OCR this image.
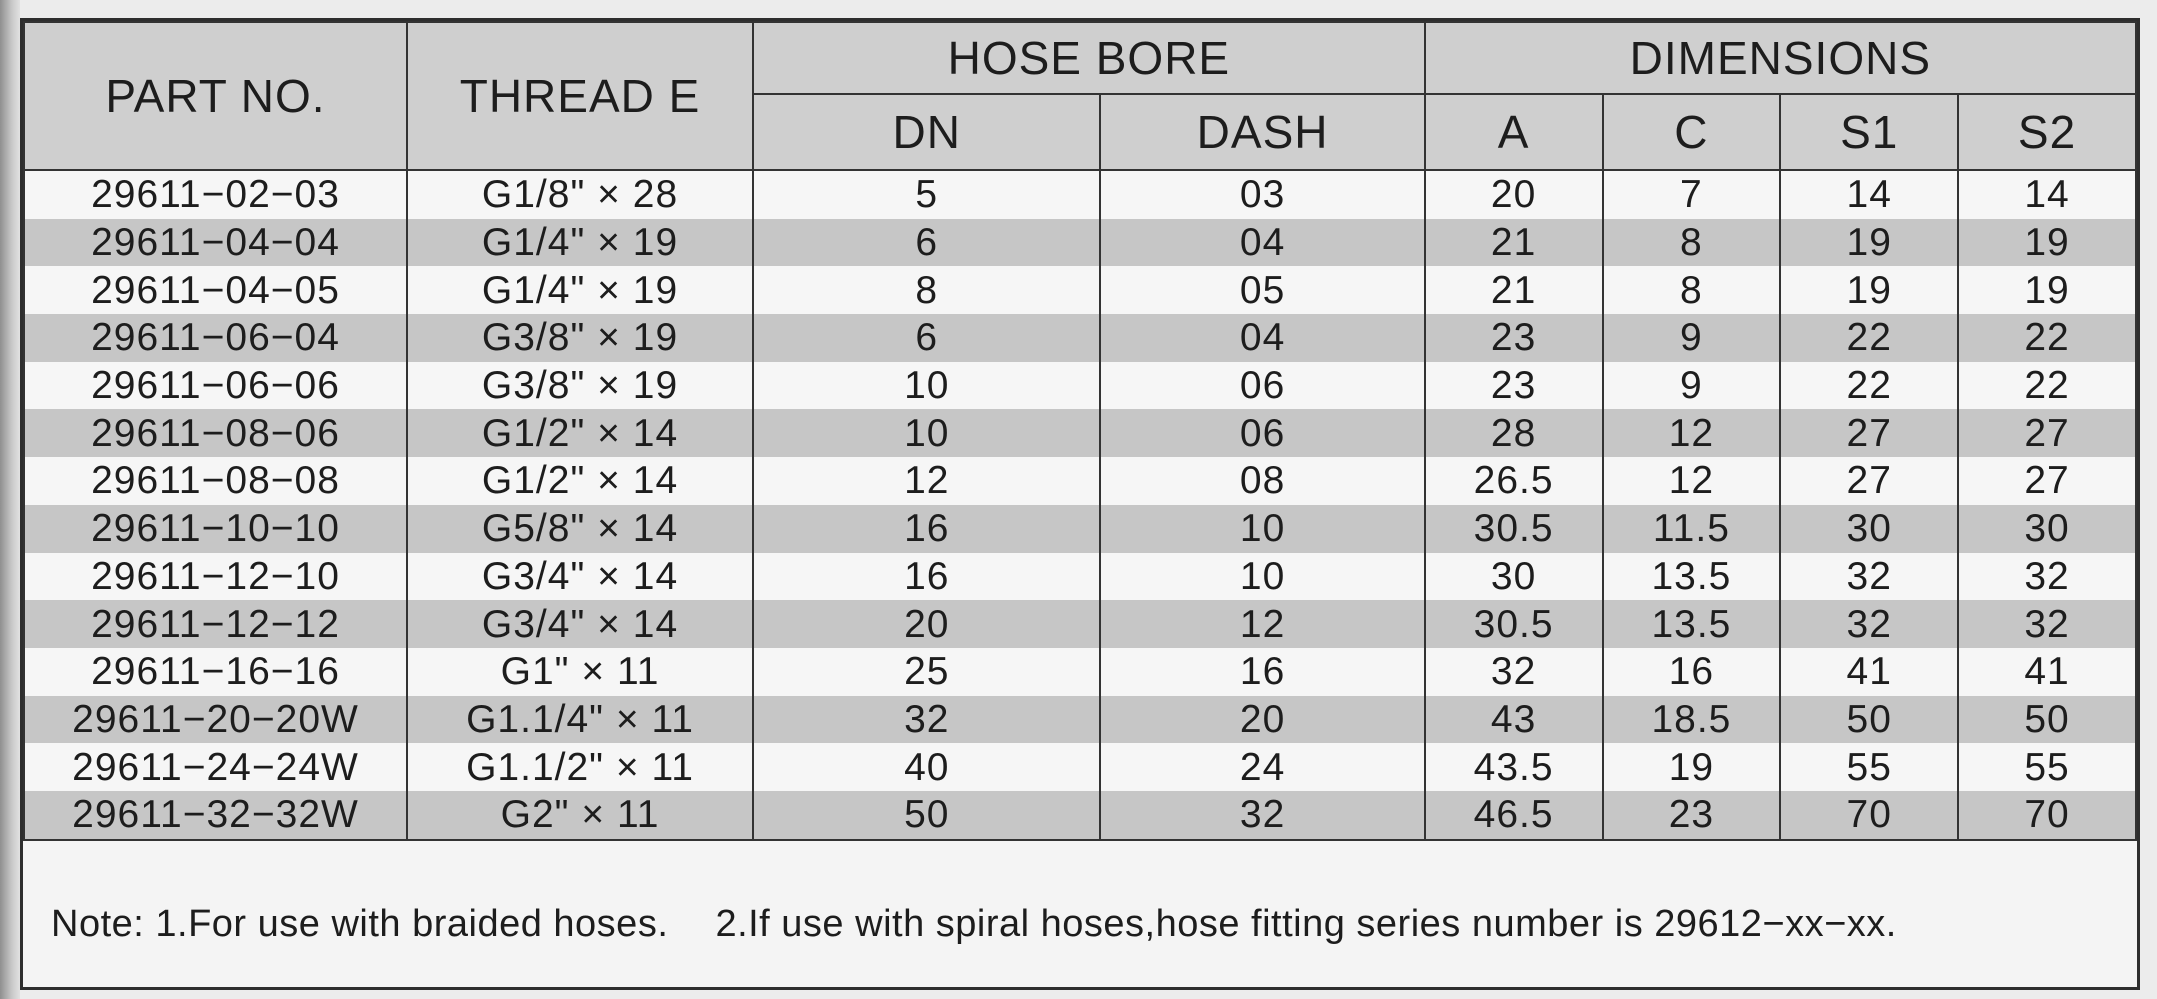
PART NO.	THREAD E	HOSE BORE		DIMENSIONS			
		DN	DASH	A	C	S1	S2
29611−02−03	G1/8" × 28	5	03	20	7	14	14
29611−04−04	G1/4" × 19	6	04	21	8	19	19
29611−04−05	G1/4" × 19	8	05	21	8	19	19
29611−06−04	G3/8" × 19	6	04	23	9	22	22
29611−06−06	G3/8" × 19	10	06	23	9	22	22
29611−08−06	G1/2" × 14	10	06	28	12	27	27
29611−08−08	G1/2" × 14	12	08	26.5	12	27	27
29611−10−10	G5/8" × 14	16	10	30.5	11.5	30	30
29611−12−10	G3/4" × 14	16	10	30	13.5	32	32
29611−12−12	G3/4" × 14	20	12	30.5	13.5	32	32
29611−16−16	G1" × 11	25	16	32	16	41	41
29611−20−20W	G1.1/4" × 11	32	20	43	18.5	50	50
29611−24−24W	G1.1/2" × 11	40	24	43.5	19	55	55
29611−32−32W	G2" × 11	50	32	46.5	23	70	70
Note: 1.For use with braided hoses. 2.If use with spiral hoses,hose fitting series number is 29612−xx−xx.
